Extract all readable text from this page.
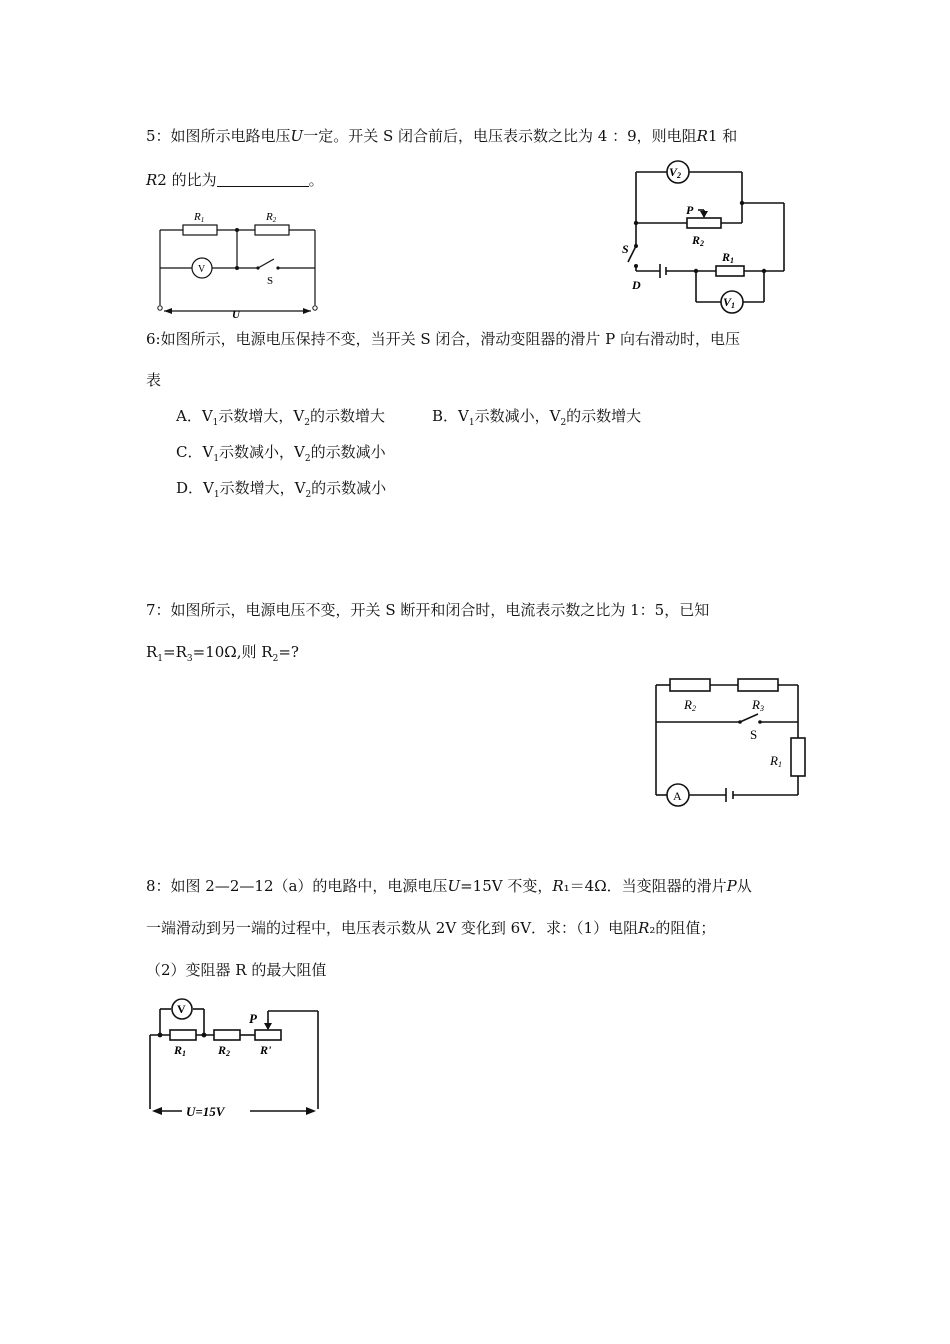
5：如图所示电路电压U一定。开关 S 闭合前后，电压表示数之比为 4 ：9，则电阻R1 和
R2 的比为	。
R1	R2
V
S
U
V2
P
R2
R1
S
D
V1
6:如图所示，电源电压保持不变，当开关 S 闭合，滑动变阻器的滑片 P 向右滑动时，电压
表
A．$V_1$示数增大，$V_2$的示数增大	B．$V_1$示数减小，$V_2$的示数增大
C．$V_1$示数减小，$V_2$的示数减小
D．$V_1$示数增大，$V_2$的示数减小
7：如图所示，电源电压不变，开关 S 断开和闭合时，电流表示数之比为 1：5，已知
$R_1=R_3=10\Omega$,则 $R_2=$?
R2	R3
S
R1
A
8：如图 2—2—12（a）的电路中，电源电压U=15V 不变，R₁＝4Ω．当变阻器的滑片P从
一端滑动到另一端的过程中，电压表示数从 2V 变化到 6V．求：（1）电阻R₂的阻值；
（2）变阻器 R 的最大阻值
V
R1	R2
P
R'
U=15V
